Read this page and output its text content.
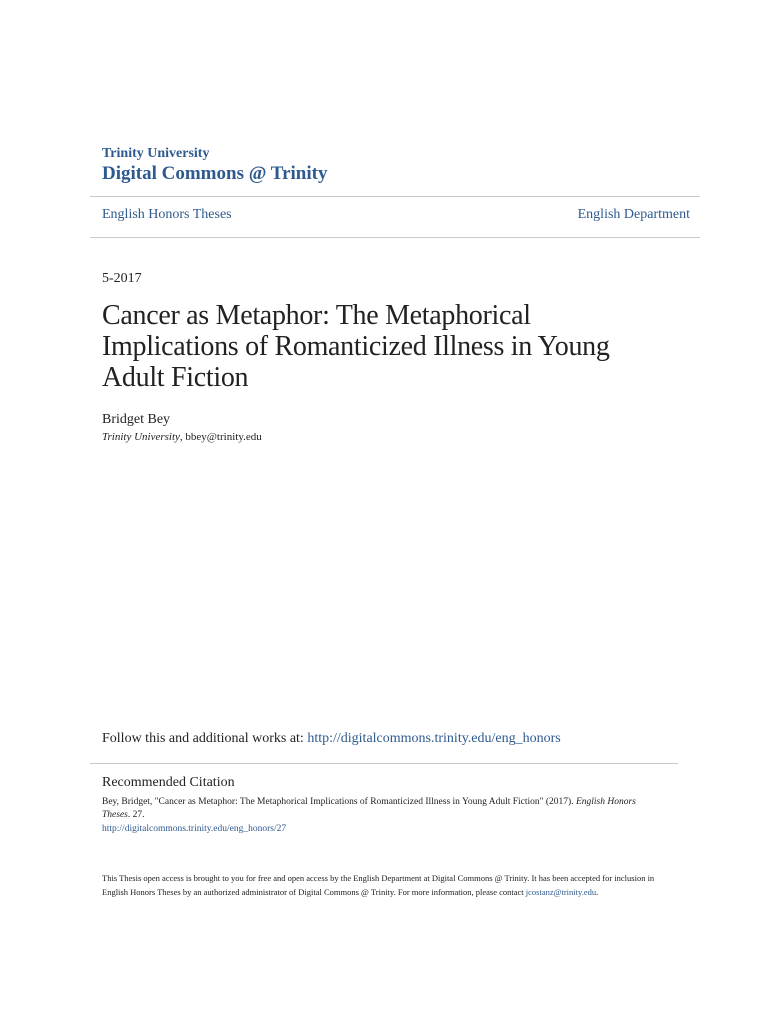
Trinity University
Digital Commons @ Trinity
English Honors Theses	English Department
5-2017
Cancer as Metaphor: The Metaphorical Implications of Romanticized Illness in Young Adult Fiction
Bridget Bey
Trinity University, bbey@trinity.edu
Follow this and additional works at: http://digitalcommons.trinity.edu/eng_honors
Recommended Citation
Bey, Bridget, "Cancer as Metaphor: The Metaphorical Implications of Romanticized Illness in Young Adult Fiction" (2017). English Honors Theses. 27.
http://digitalcommons.trinity.edu/eng_honors/27
This Thesis open access is brought to you for free and open access by the English Department at Digital Commons @ Trinity. It has been accepted for inclusion in English Honors Theses by an authorized administrator of Digital Commons @ Trinity. For more information, please contact jcostanz@trinity.edu.
